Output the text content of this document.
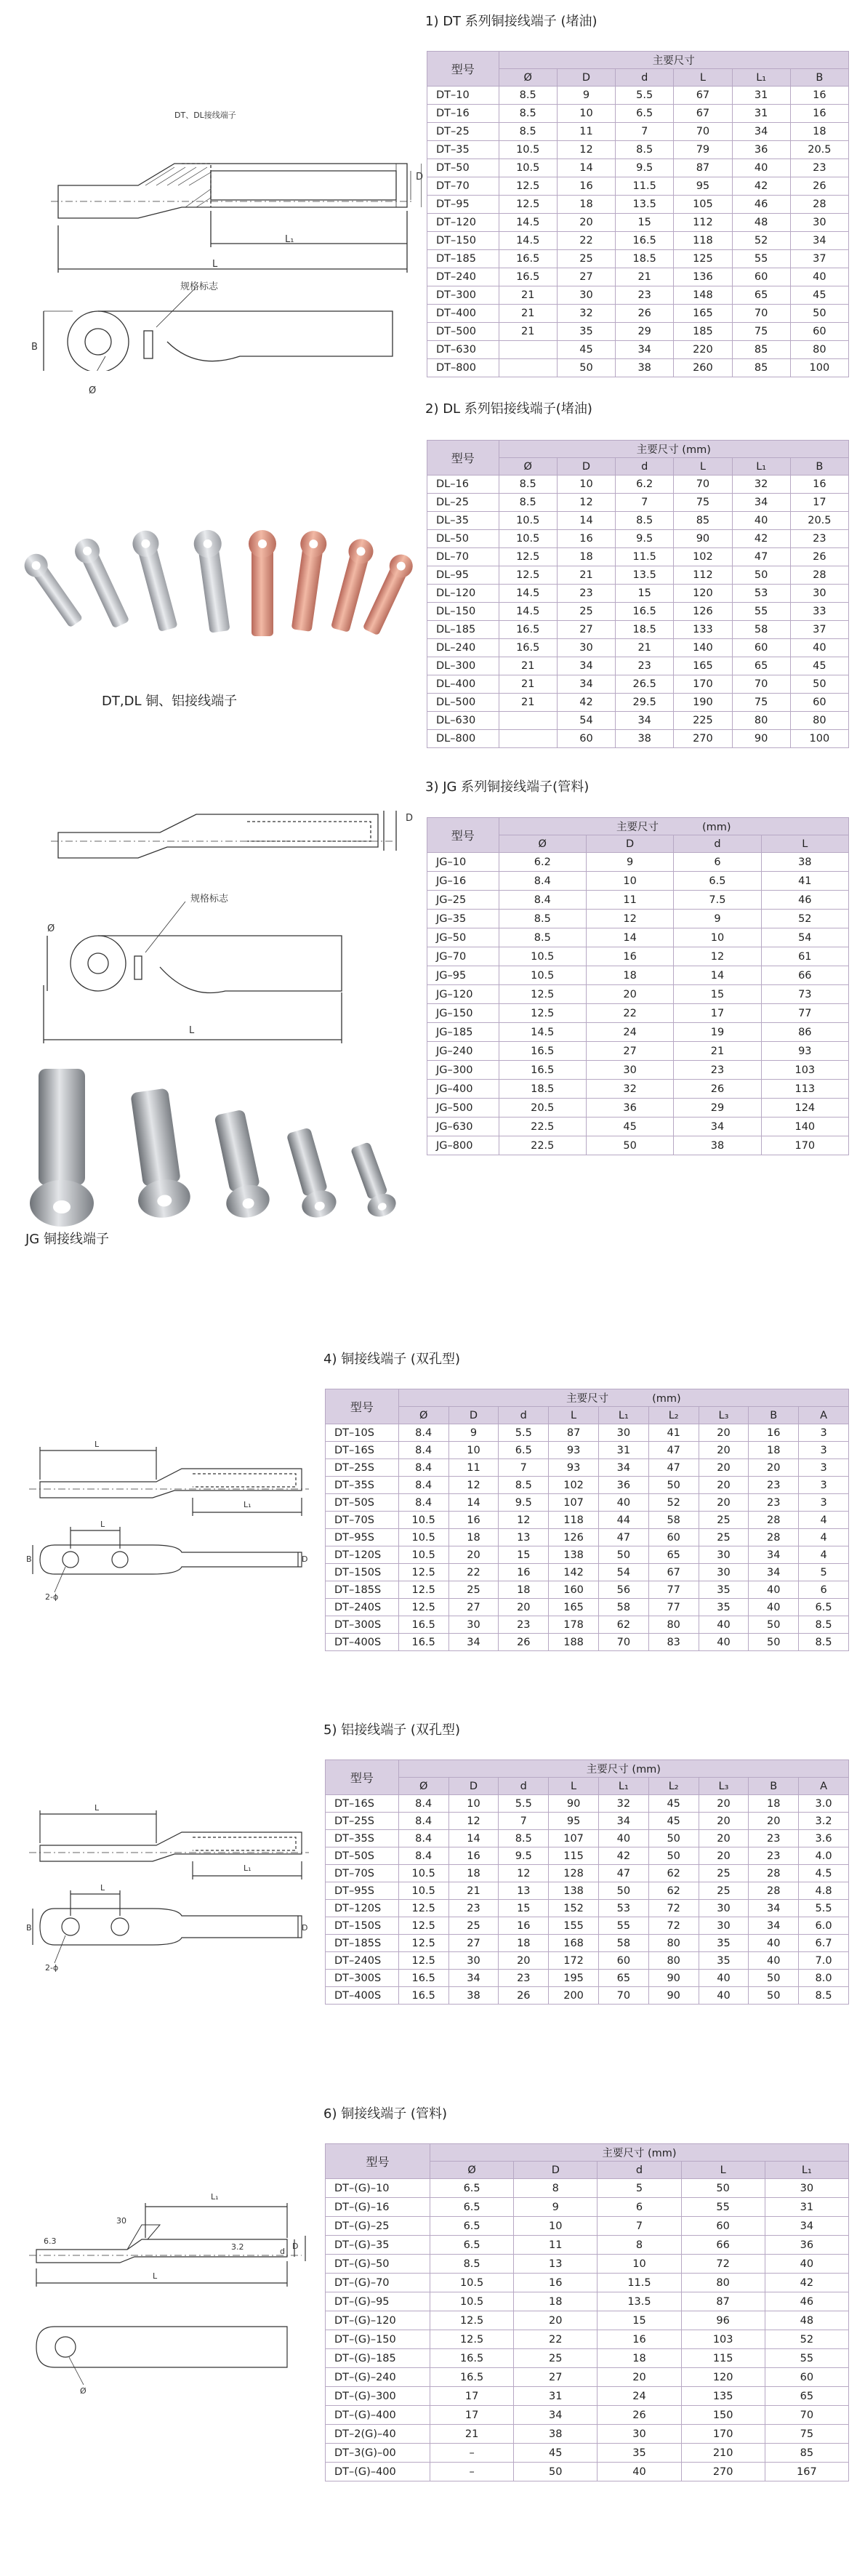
1) DT 系列铜接线端子 (堵油)
型号	主要尺寸					
	Ø	D	d	L	L₁	B
DT–10	8.5	9	5.5	67	31	16
DT–16	8.5	10	6.5	67	31	16
DT–25	8.5	11	7	70	34	18
DT–35	10.5	12	8.5	79	36	20.5
DT–50	10.5	14	9.5	87	40	23
DT–70	12.5	16	11.5	95	42	26
DT–95	12.5	18	13.5	105	46	28
DT–120	14.5	20	15	112	48	30
DT–150	14.5	22	16.5	118	52	34
DT–185	16.5	25	18.5	125	55	37
DT–240	16.5	27	21	136	60	40
DT–300	21	30	23	148	65	45
DT–400	21	32	26	165	70	50
DT–500	21	35	29	185	75	60
DT–630		45	34	220	85	80
DT–800		50	38	260	85	100
DT、DL接线端子
L
L₁
D
规格标志
B
Ø
DT,DL 铜、铝接线端子
2) DL 系列铝接线端子(堵油)
型号	主要尺寸 (mm)					
	Ø	D	d	L	L₁	B
DL–16	8.5	10	6.2	70	32	16
DL–25	8.5	12	7	75	34	17
DL–35	10.5	14	8.5	85	40	20.5
DL–50	10.5	16	9.5	90	42	23
DL–70	12.5	18	11.5	102	47	26
DL–95	12.5	21	13.5	112	50	28
DL–120	14.5	23	15	120	53	30
DL–150	14.5	25	16.5	126	55	33
DL–185	16.5	27	18.5	133	58	37
DL–240	16.5	30	21	140	60	40
DL–300	21	34	23	165	65	45
DL–400	21	34	26.5	170	70	50
DL–500	21	42	29.5	190	75	60
DL–630		54	34	225	80	80
DL–800		60	38	270	90	100
3) JG 系列铜接线端子(管料)
型号	主要尺寸 (mm)			
	Ø	D	d	L
JG–10	6.2	9	6	38
JG–16	8.4	10	6.5	41
JG–25	8.4	11	7.5	46
JG–35	8.5	12	9	52
JG–50	8.5	14	10	54
JG–70	10.5	16	12	61
JG–95	10.5	18	14	66
JG–120	12.5	20	15	73
JG–150	12.5	22	17	77
JG–185	14.5	24	19	86
JG–240	16.5	27	21	93
JG–300	16.5	30	23	103
JG–400	18.5	32	26	113
JG–500	20.5	36	29	124
JG–630	22.5	45	34	140
JG–800	22.5	50	38	170
规格标志
Ø
D
L
JG 铜接线端子
4) 铜接线端子 (双孔型)
型号	主要尺寸 (mm)								
	Ø	D	d	L	L₁	L₂	L₃	B	A
DT–10S	8.4	9	5.5	87	30	41	20	16	3
DT–16S	8.4	10	6.5	93	31	47	20	18	3
DT–25S	8.4	11	7	93	34	47	20	20	3
DT–35S	8.4	12	8.5	102	36	50	20	23	3
DT–50S	8.4	14	9.5	107	40	52	20	23	3
DT–70S	10.5	16	12	118	44	58	25	28	4
DT–95S	10.5	18	13	126	47	60	25	28	4
DT–120S	10.5	20	15	138	50	65	30	34	4
DT–150S	12.5	22	16	142	54	67	30	34	5
DT–185S	12.5	25	18	160	56	77	35	40	6
DT–240S	12.5	27	20	165	58	77	35	40	6.5
DT–300S	16.5	30	23	178	62	80	40	50	8.5
DT–400S	16.5	34	26	188	70	83	40	50	8.5
L
L₁
L
B
2-ϕ
D
5) 铝接线端子 (双孔型)
型号	主要尺寸 (mm)								
	Ø	D	d	L	L₁	L₂	L₃	B	A
DT–16S	8.4	10	5.5	90	32	45	20	18	3.0
DT–25S	8.4	12	7	95	34	45	20	20	3.2
DT–35S	8.4	14	8.5	107	40	50	20	23	3.6
DT–50S	8.4	16	9.5	115	42	50	20	23	4.0
DT–70S	10.5	18	12	128	47	62	25	28	4.5
DT–95S	10.5	21	13	138	50	62	25	28	4.8
DT–120S	12.5	23	15	152	53	72	30	34	5.5
DT–150S	12.5	25	16	155	55	72	30	34	6.0
DT–185S	12.5	27	18	168	58	80	35	40	6.7
DT–240S	12.5	30	20	172	60	80	35	40	7.0
DT–300S	16.5	34	23	195	65	90	40	50	8.0
DT–400S	16.5	38	26	200	70	90	40	50	8.5
L
L₁
L
B
2-ϕ
D
6) 铜接线端子 (管料)
型号	主要尺寸 (mm)				
	Ø	D	d	L	L₁
DT–(G)–10	6.5	8	5	50	30
DT–(G)–16	6.5	9	6	55	31
DT–(G)–25	6.5	10	7	60	34
DT–(G)–35	6.5	11	8	66	36
DT–(G)–50	8.5	13	10	72	40
DT–(G)–70	10.5	16	11.5	80	42
DT–(G)–95	10.5	18	13.5	87	46
DT–(G)–120	12.5	20	15	96	48
DT–(G)–150	12.5	22	16	103	52
DT–(G)–185	16.5	25	18	115	55
DT–(G)–240	16.5	27	20	120	60
DT–(G)–300	17	31	24	135	65
DT–(G)–400	17	34	26	150	70
DT–2(G)–40	21	38	30	170	75
DT–3(G)–00	–	45	35	210	85
DT–(G)–400	–	50	40	270	167
L₁
30
6.3
3.2	d
D
L
Ø
